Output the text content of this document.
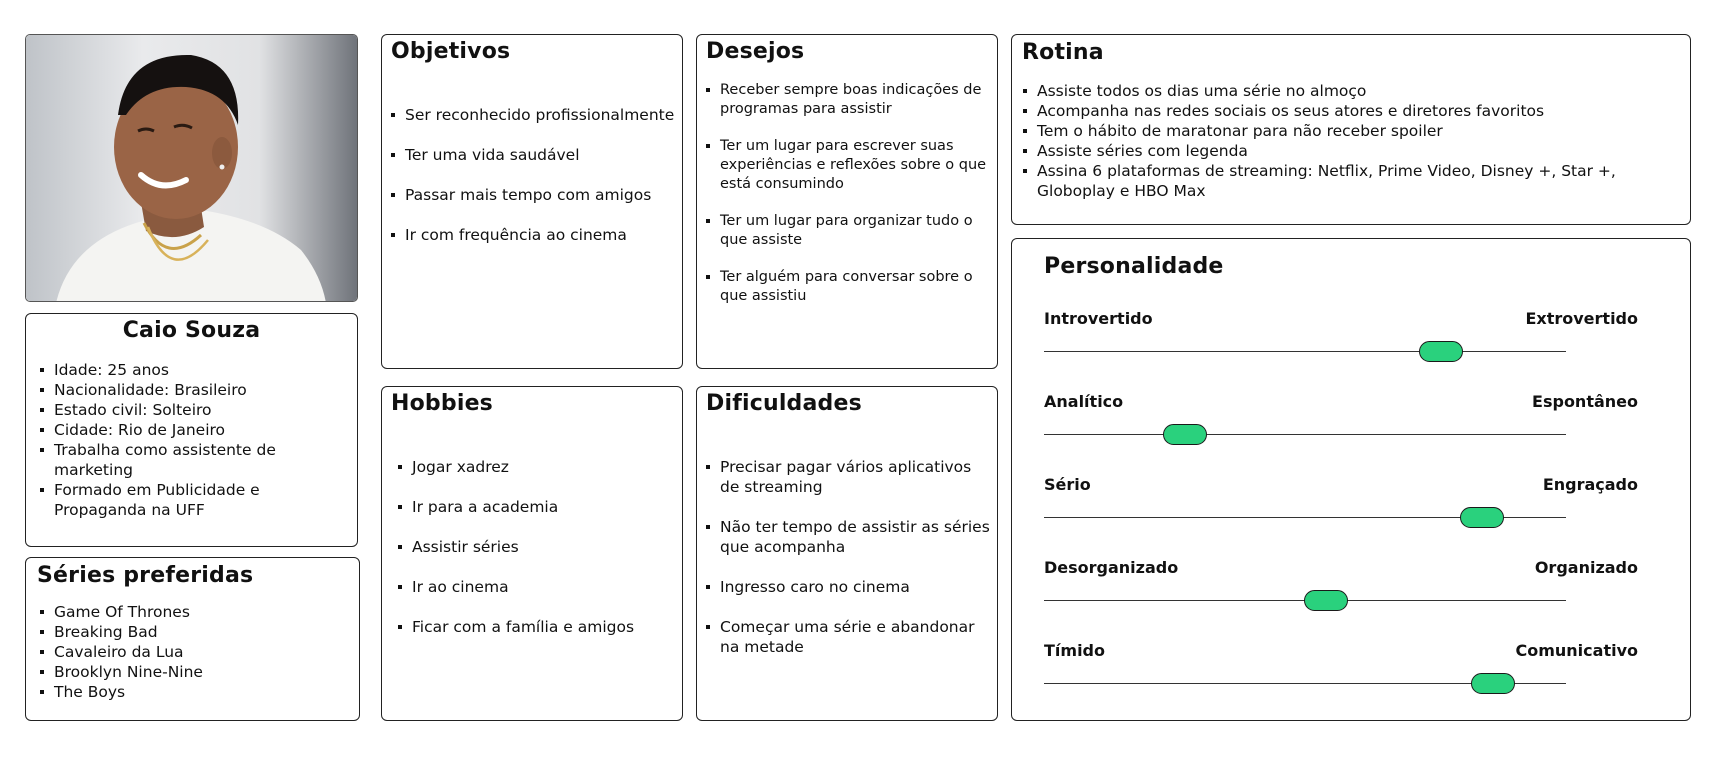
Caio Souza
Idade: 25 anos
Nacionalidade: Brasileiro
Estado civil: Solteiro
Cidade: Rio de Janeiro
Trabalha como assistente de marketing
Formado em Publicidade e Propaganda na UFF
Séries preferidas
Game Of Thrones
Breaking Bad
Cavaleiro da Lua
Brooklyn Nine-Nine
The Boys
Objetivos
Ser reconhecido profissionalmente
Ter uma vida saudável
Passar mais tempo com amigos
Ir com frequência ao cinema
Hobbies
Jogar xadrez
Ir para a academia
Assistir séries
Ir ao cinema
Ficar com a família e amigos
Desejos
Receber sempre boas indicações de programas para assistir
Ter um lugar para escrever suas experiências e reflexões sobre o que está consumindo
Ter um lugar para organizar tudo o que assiste
Ter alguém para conversar sobre o que assistiu
Dificuldades
Precisar pagar vários aplicativos de streaming
Não ter tempo de assistir as séries que acompanha
Ingresso caro no cinema
Começar uma série e abandonar na metade
Rotina
Assiste todos os dias uma série no almoço
Acompanha nas redes sociais os seus atores e diretores favoritos
Tem o hábito de maratonar para não receber spoiler
Assiste séries com legenda
Assina 6 plataformas de streaming: Netflix, Prime Video, Disney +, Star +, Globoplay e HBO Max
Personalidade
Introvertido	Extrovertido
Analítico	Espontâneo
Sério	Engraçado
Desorganizado	Organizado
Tímido	Comunicativo
